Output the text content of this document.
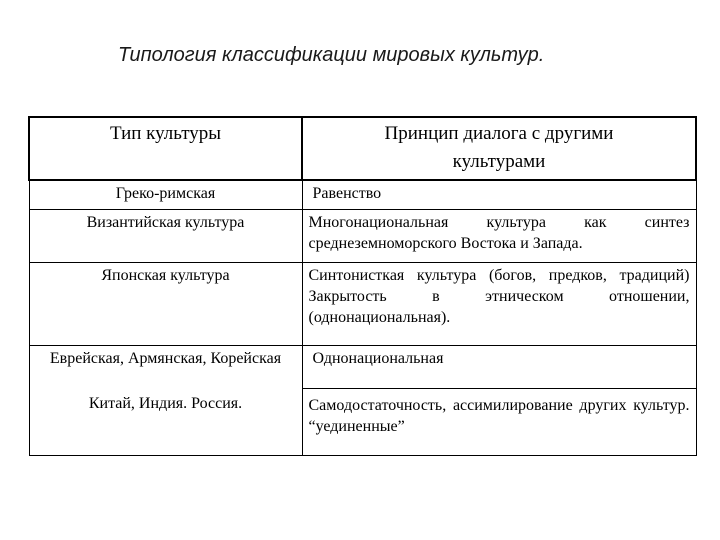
Типология классификации мировых культур.
Тип культуры	Принцип диалога с другими культурами
Греко-римская	Равенство
Византийская культура	Многонациональная культура как синтез среднеземноморского Востока и Запада.
Японская культура	Синтонисткая культура (богов, предков, традиций) Закрытость в этническом отношении, (однонациональная).
Еврейская, Армянская, Корейская	Однонациональная
Китай, Индия. Россия.	Самодостаточность, ассимилирование других культур. “уединенные”
